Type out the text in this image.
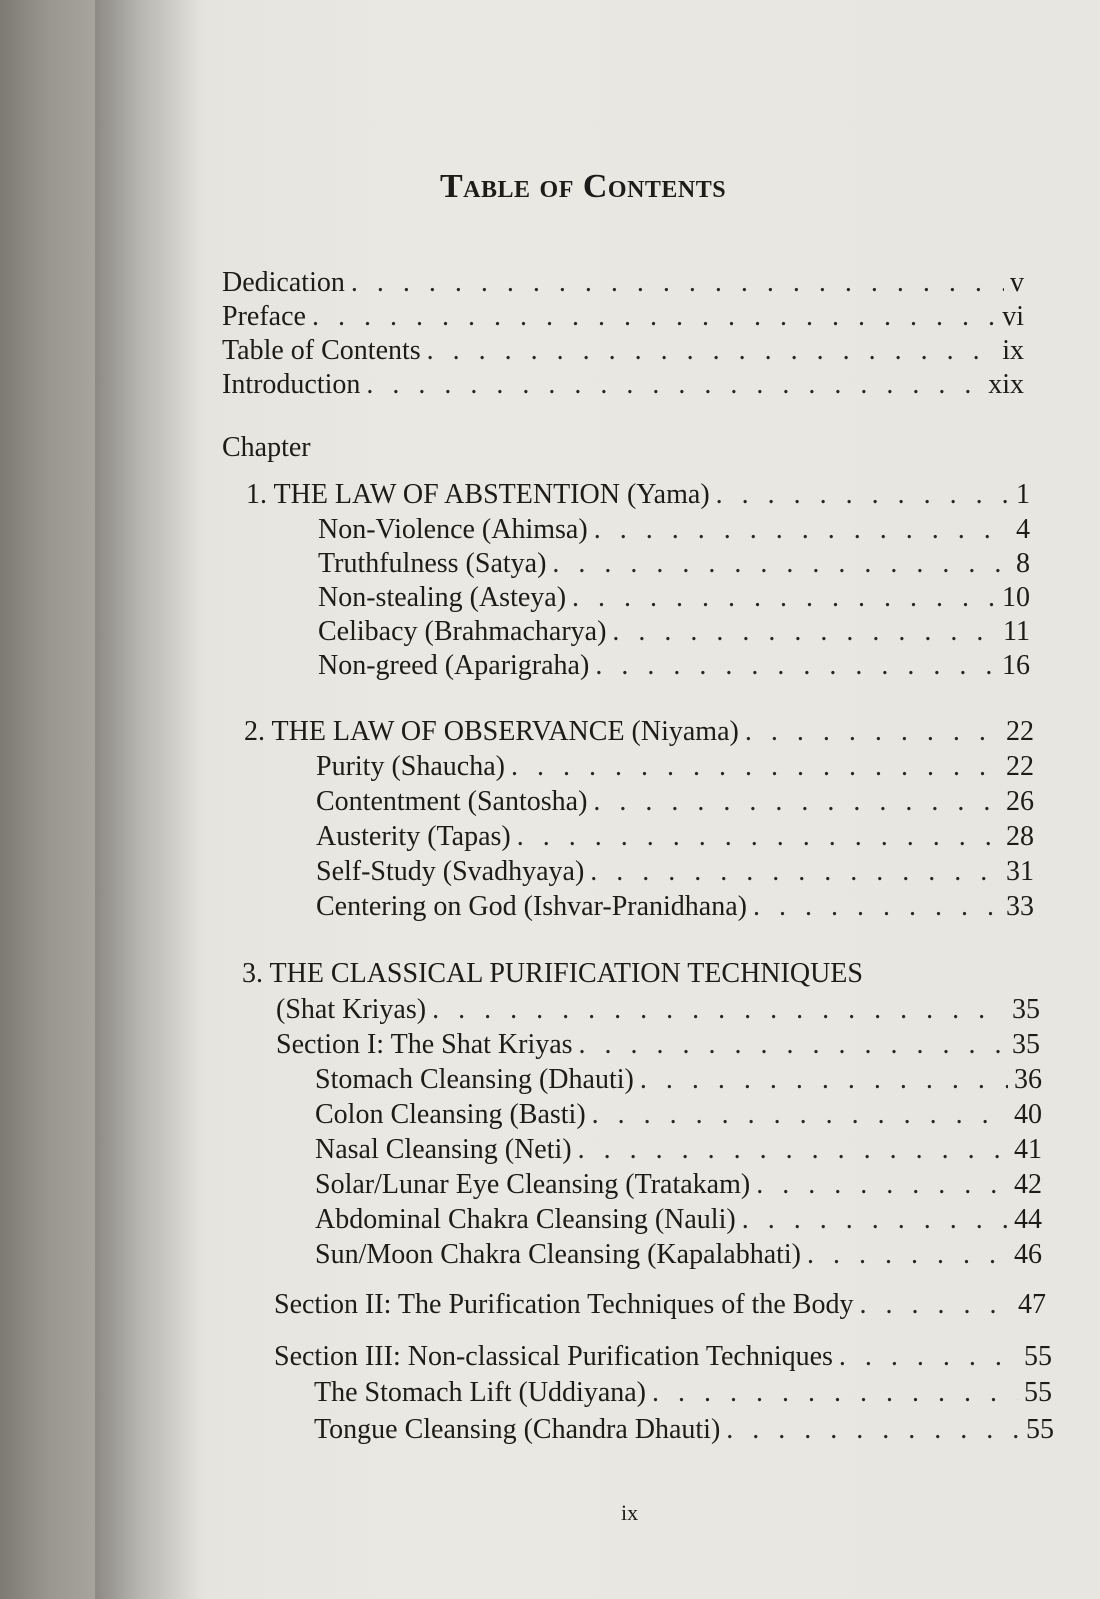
Table of Contents
Dedication . . .	v
Preface . . .	vi
Table of Contents . . .	ix
Introduction . . .	xix
Chapter
1. THE LAW OF ABSTENTION (Yama) . . .	1
Non-Violence (Ahimsa) . . .	4
Truthfulness (Satya) . . .	8
Non-stealing (Asteya) . . .	10
Celibacy (Brahmacharya) . . .	11
Non-greed (Aparigraha) . . .	16
2. THE LAW OF OBSERVANCE (Niyama) . . .	22
Purity (Shaucha) . . .	22
Contentment (Santosha) . . .	26
Austerity (Tapas) . . .	28
Self-Study (Svadhyaya) . . .	31
Centering on God (Ishvar-Pranidhana) . . .	33
3. THE CLASSICAL PURIFICATION TECHNIQUES
(Shat Kriyas) . . .	35
Section I: The Shat Kriyas . . .	35
Stomach Cleansing (Dhauti) . . .	36
Colon Cleansing (Basti) . . .	40
Nasal Cleansing (Neti) . . .	41
Solar/Lunar Eye Cleansing (Tratakam) . . .	42
Abdominal Chakra Cleansing (Nauli) . . .	44
Sun/Moon Chakra Cleansing (Kapalabhati) . . .	46
Section II: The Purification Techniques of the Body . . .	47
Section III: Non-classical Purification Techniques . . .	55
The Stomach Lift (Uddiyana) . . .	55
Tongue Cleansing (Chandra Dhauti) . . .	55
ix
